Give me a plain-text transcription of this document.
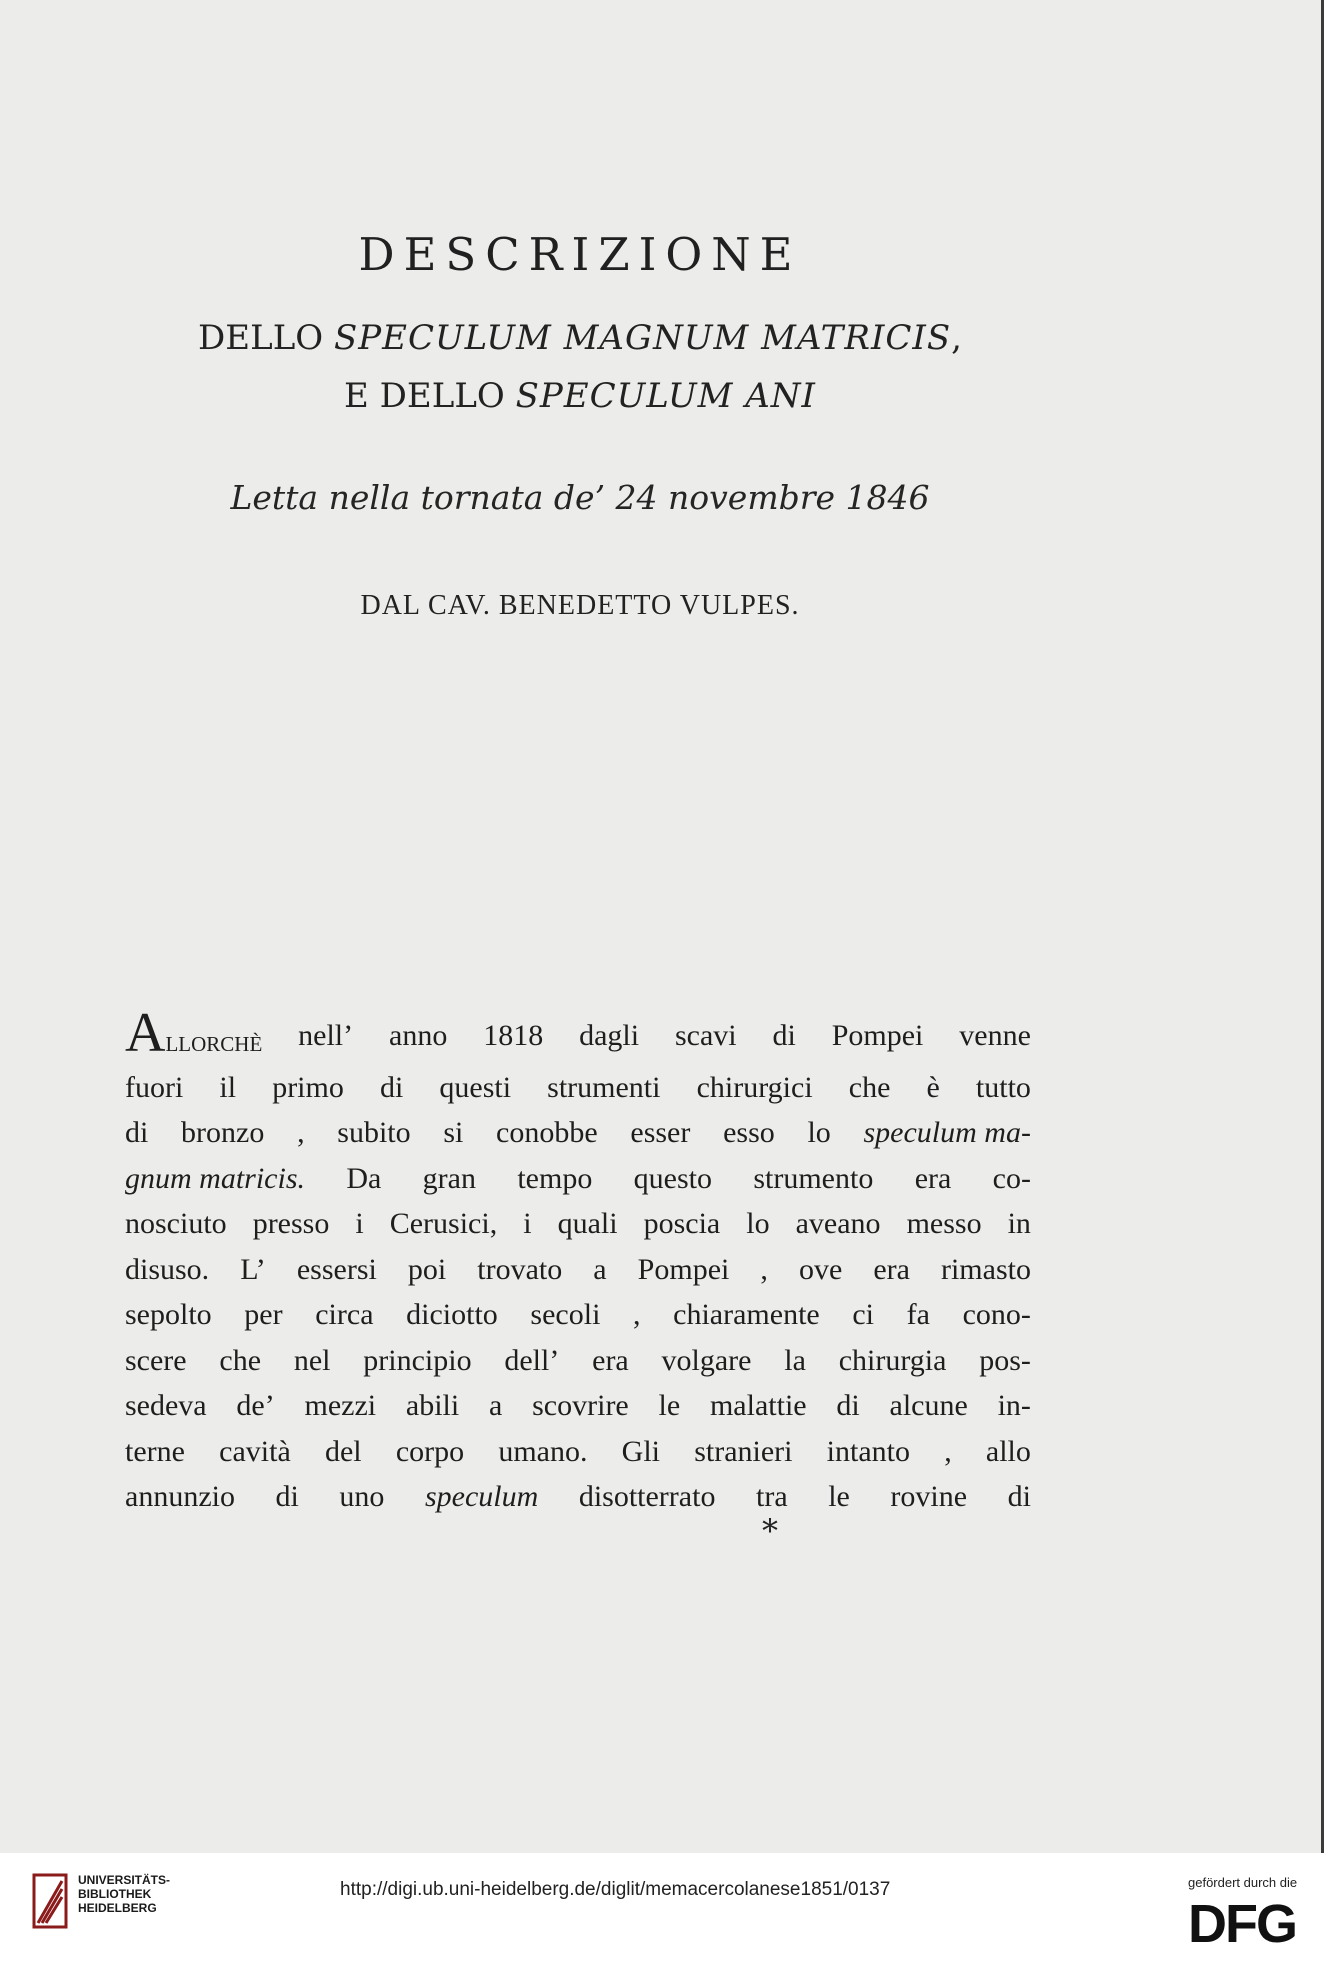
DESCRIZIONE
DELLO SPECULUM MAGNUM MATRICIS,
E DELLO SPECULUM ANI
Letta nella tornata de’ 24 novembre 1846
DAL CAV. BENEDETTO VULPES.
Allorchè nell’ anno 1818 dagli scavi di Pompei venne
fuori il primo di questi strumenti chirurgici che è tutto
di bronzo , subito si conobbe esser esso lo speculum ma-
gnum matricis. Da gran tempo questo strumento era co-
nosciuto presso i Cerusici, i quali poscia lo aveano messo in
disuso. L’ essersi poi trovato a Pompei , ove era rimasto
sepolto per circa diciotto secoli , chiaramente ci fa cono-
scere che nel principio dell’ era volgare la chirurgia pos-
sedeva de’ mezzi abili a scovrire le malattie di alcune in-
terne cavità del corpo umano. Gli stranieri intanto , allo
annunzio di uno speculum disotterrato tra le rovine di
*
UNIVERSITÄTS-
BIBLIOTHEK
HEIDELBERG
http://digi.ub.uni-heidelberg.de/diglit/memacercolanese1851/0137	gefördert durch die
DFG
